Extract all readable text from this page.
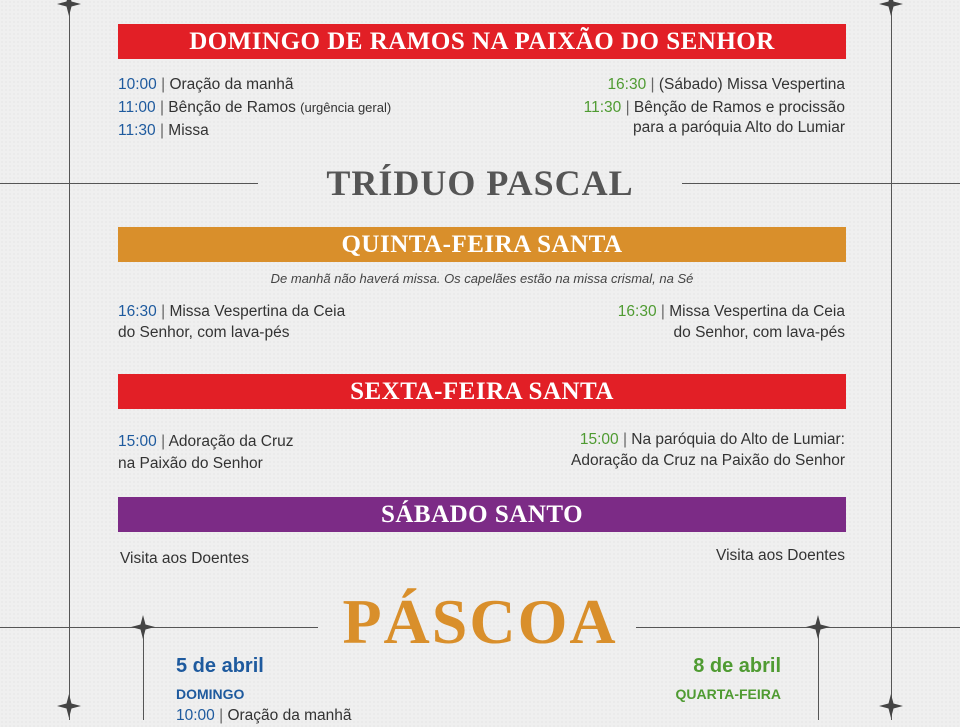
DOMINGO DE RAMOS NA PAIXÃO DO SENHOR
10:00 | Oração da manhã
11:00 | Bênção de Ramos (urgência geral)
11:30 | Missa
16:30 | (Sábado) Missa Vespertina
11:30 | Bênção de Ramos e procissão
para a paróquia Alto do Lumiar
TRÍDUO PASCAL
QUINTA-FEIRA SANTA
De manhã não haverá missa. Os capelães estão na missa crismal, na Sé
16:30 | Missa Vespertina da Ceia
do Senhor, com lava-pés
16:30 | Missa Vespertina da Ceia
do Senhor, com lava-pés
SEXTA-FEIRA SANTA
15:00 | Adoração da Cruz
na Paixão do Senhor
15:00 | Na paróquia do Alto de Lumiar:
Adoração da Cruz na Paixão do Senhor
SÁBADO SANTO
Visita aos Doentes	Visita aos Doentes
PÁSCOA
5 de abril
DOMINGO
10:00 | Oração da manhã
8 de abril
QUARTA-FEIRA
